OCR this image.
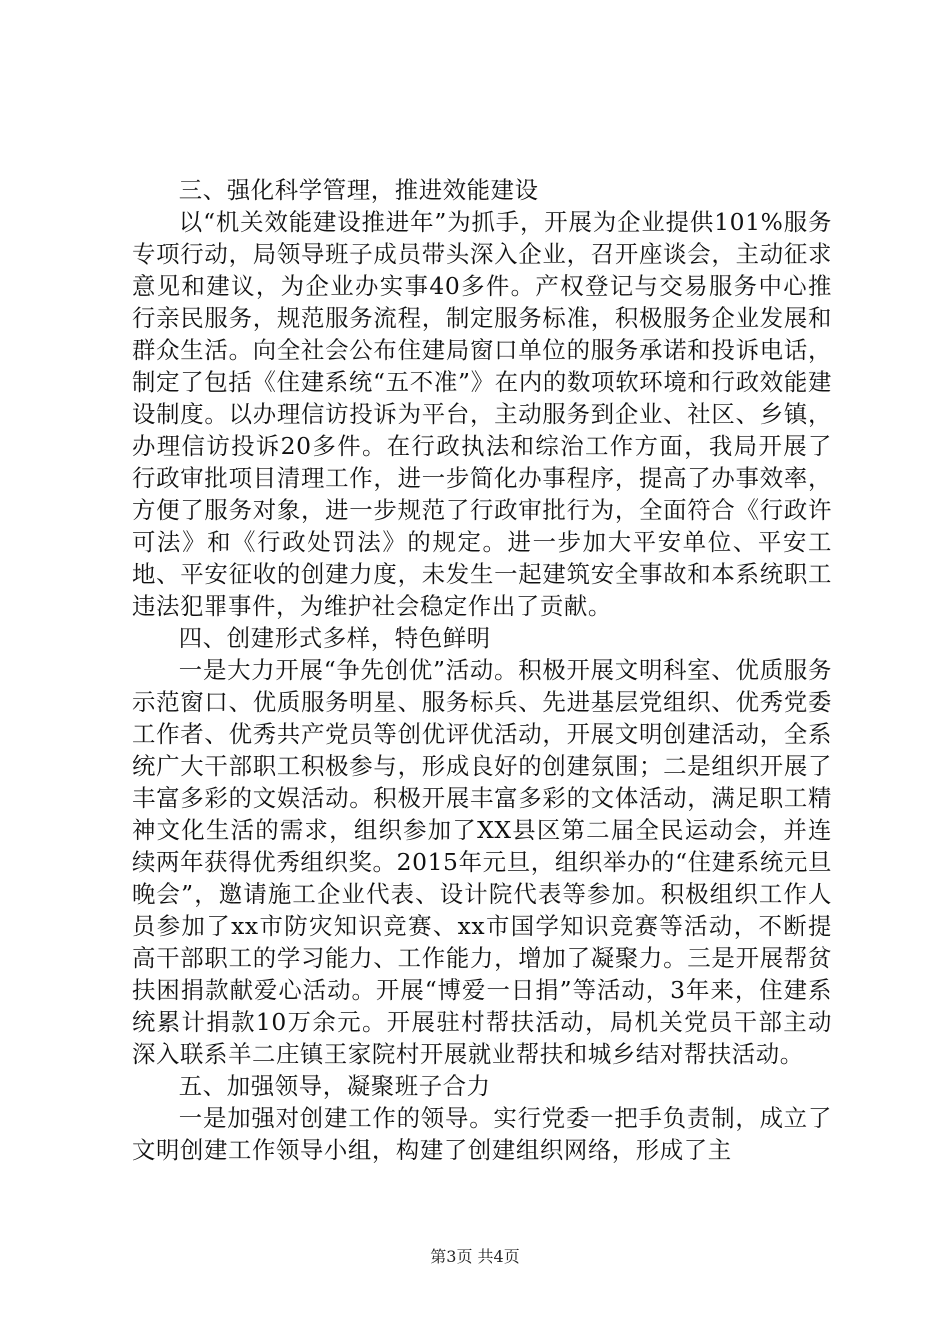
三、强化科学管理，推进效能建设

以“机关效能建设推进年”为抓手，开展为企业提供101%服务专项行动，局领导班子成员带头深入企业，召开座谈会，主动征求意见和建议，为企业办实事40多件。产权登记与交易服务中心推行亲民服务，规范服务流程，制定服务标准，积极服务企业发展和群众生活。向全社会公布住建局窗口单位的服务承诺和投诉电话，制定了包括《住建系统“五不准”》在内的数项软环境和行政效能建设制度。以办理信访投诉为平台，主动服务到企业、社区、乡镇，办理信访投诉20多件。在行政执法和综治工作方面，我局开展了行政审批项目清理工作，进一步简化办事程序，提高了办事效率，方便了服务对象，进一步规范了行政审批行为，全面符合《行政许可法》和《行政处罚法》的规定。进一步加大平安单位、平安工地、平安征收的创建力度，未发生一起建筑安全事故和本系统职工违法犯罪事件，为维护社会稳定作出了贡献。

四、创建形式多样，特色鲜明

一是大力开展“争先创优”活动。积极开展文明科室、优质服务示范窗口、优质服务明星、服务标兵、先进基层党组织、优秀党委工作者、优秀共产党员等创优评优活动，开展文明创建活动，全系统广大干部职工积极参与，形成良好的创建氛围；二是组织开展了丰富多彩的文娱活动。积极开展丰富多彩的文体活动，满足职工精神文化生活的需求，组织参加了XX县区第二届全民运动会，并连续两年获得优秀组织奖。2015年元旦，组织举办的“住建系统元旦晚会”，邀请施工企业代表、设计院代表等参加。积极组织工作人员参加了xx市防灾知识竞赛、xx市国学知识竞赛等活动，不断提高干部职工的学习能力、工作能力，增加了凝聚力。三是开展帮贫扶困捐款献爱心活动。开展“博爱一日捐”等活动，3年来，住建系统累计捐款10万余元。开展驻村帮扶活动，局机关党员干部主动深入联系羊二庄镇王家院村开展就业帮扶和城乡结对帮扶活动。

五、加强领导，凝聚班子合力

一是加强对创建工作的领导。实行党委一把手负责制，成立了文明创建工作领导小组，构建了创建组织网络，形成了主

第3页 共4页
